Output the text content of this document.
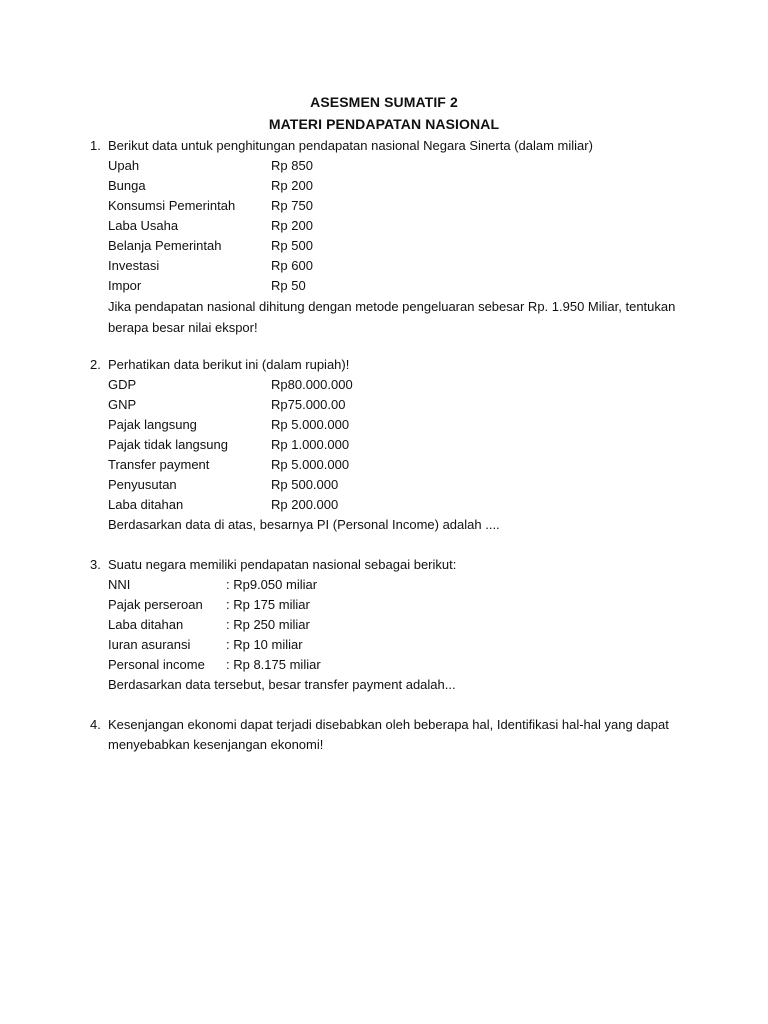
ASESMEN SUMATIF 2
MATERI PENDAPATAN NASIONAL
1. Berikut data untuk penghitungan pendapatan nasional Negara Sinerta (dalam miliar)
Upah	Rp 850
Bunga	Rp 200
Konsumsi Pemerintah	Rp 750
Laba Usaha	Rp 200
Belanja Pemerintah	Rp 500
Investasi	Rp 600
Impor	Rp 50
Jika pendapatan nasional dihitung dengan metode pengeluaran sebesar Rp. 1.950 Miliar, tentukan
berapa besar nilai ekspor!
2. Perhatikan data berikut ini (dalam rupiah)!
GDP	Rp80.000.000
GNP	Rp75.000.00
Pajak langsung	Rp 5.000.000
Pajak tidak langsung	Rp 1.000.000
Transfer payment	Rp 5.000.000
Penyusutan	Rp 500.000
Laba ditahan	Rp 200.000
Berdasarkan data di atas, besarnya PI (Personal Income) adalah ....
3. Suatu negara memiliki pendapatan nasional sebagai berikut:
NNI	: Rp9.050 miliar
Pajak perseroan	: Rp 175 miliar
Laba ditahan	: Rp 250 miliar
Iuran asuransi	: Rp 10 miliar
Personal income	: Rp 8.175 miliar
Berdasarkan data tersebut, besar transfer payment adalah...
4. Kesenjangan ekonomi dapat terjadi disebabkan oleh beberapa hal, Identifikasi hal-hal yang dapat
menyebabkan kesenjangan ekonomi!
